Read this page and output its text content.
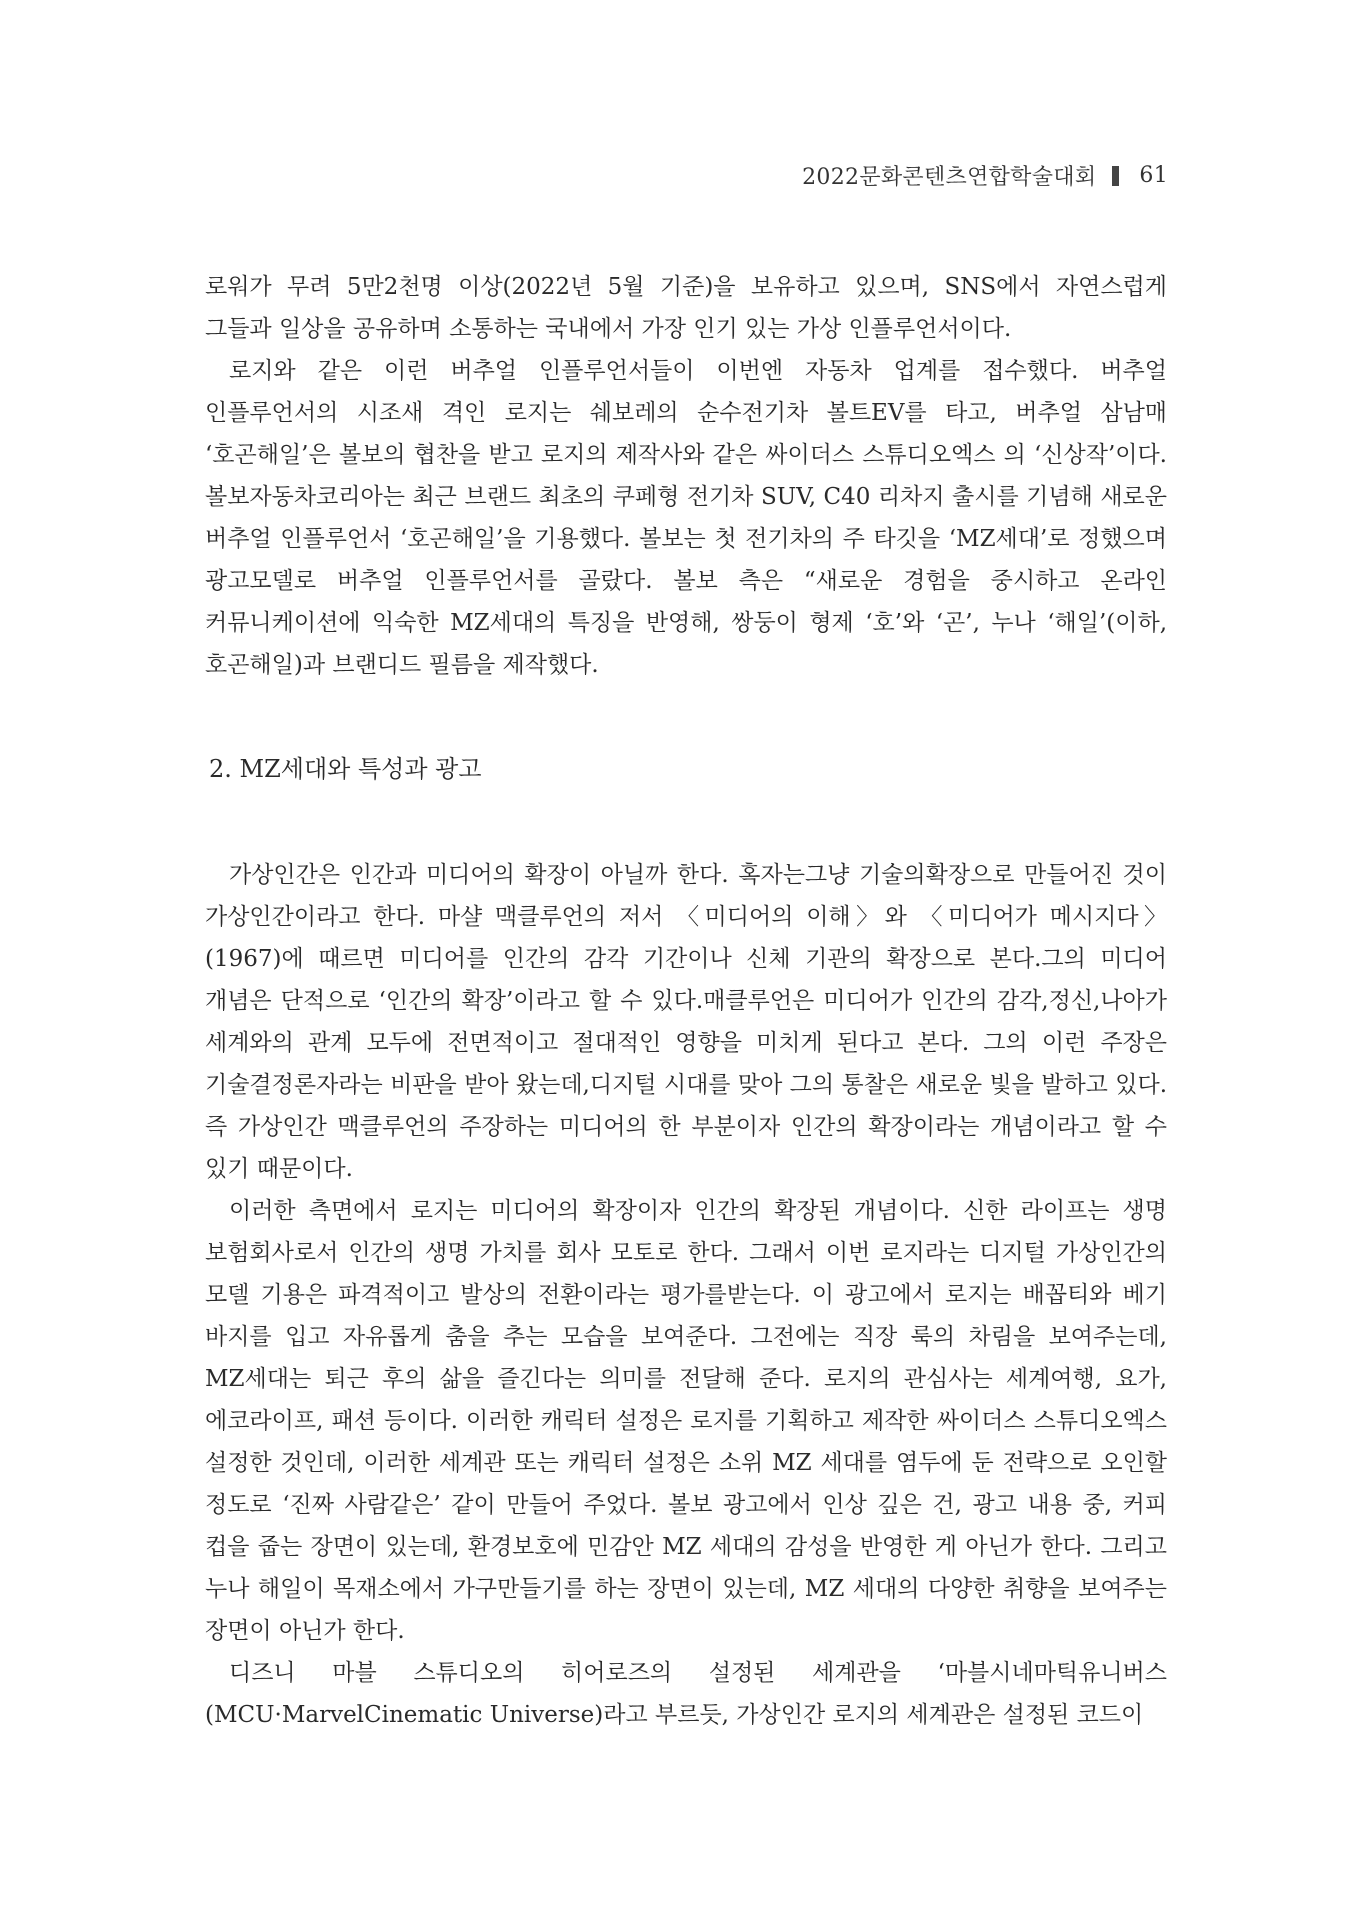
2022문화콘텐츠연합학술대회 61

로워가 무려 5만2천명 이상(2022년 5월 기준)을 보유하고 있으며, SNS에서 자연스럽게 그들과 일상을 공유하며 소통하는 국내에서 가장 인기 있는 가상 인플루언서이다.

로지와 같은 이런 버추얼 인플루언서들이 이번엔 자동차 업계를 접수했다. 버추얼 인플루언서의 시조새 격인 로지는 쉐보레의 순수전기차 볼트EV를 타고, 버추얼 삼남매 ‘호곤해일’은 볼보의 협찬을 받고 로지의 제작사와 같은 싸이더스 스튜디오엑스 의 ‘신상작’이다. 볼보자동차코리아는 최근 브랜드 최초의 쿠페형 전기차 SUV, C40 리차지 출시를 기념해 새로운 버추얼 인플루언서 ‘호곤해일’을 기용했다. 볼보는 첫 전기차의 주 타깃을 ‘MZ세대’로 정했으며 광고모델로 버추얼 인플루언서를 골랐다. 볼보 측은 “새로운 경험을 중시하고 온라인 커뮤니케이션에 익숙한 MZ세대의 특징을 반영해, 쌍둥이 형제 ‘호’와 ‘곤’, 누나 ‘해일’(이하, 호곤해일)과 브랜디드 필름을 제작했다.

2. MZ세대와 특성과 광고

가상인간은 인간과 미디어의 확장이 아닐까 한다. 혹자는그냥 기술의확장으로 만들어진 것이 가상인간이라고 한다. 마샬 맥클루언의 저서 〈미디어의 이해〉와 〈미디어가 메시지다〉(1967)에 때르면 미디어를 인간의 감각 기간이나 신체 기관의 확장으로 본다.그의 미디어 개념은 단적으로 ‘인간의 확장’이라고 할 수 있다.매클루언은 미디어가 인간의 감각,정신,나아가 세계와의 관계 모두에 전면적이고 절대적인 영향을 미치게 된다고 본다. 그의 이런 주장은 기술결정론자라는 비판을 받아 왔는데,디지털 시대를 맞아 그의 통찰은 새로운 빛을 발하고 있다.즉 가상인간 맥클루언의 주장하는 미디어의 한 부분이자 인간의 확장이라는 개념이라고 할 수 있기 때문이다.

이러한 측면에서 로지는 미디어의 확장이자 인간의 확장된 개념이다. 신한 라이프는 생명 보험회사로서 인간의 생명 가치를 회사 모토로 한다. 그래서 이번 로지라는 디지털 가상인간의 모델 기용은 파격적이고 발상의 전환이라는 평가를받는다. 이 광고에서 로지는 배꼽티와 베기 바지를 입고 자유롭게 춤을 추는 모습을 보여준다. 그전에는 직장 룩의 차림을 보여주는데, MZ세대는 퇴근 후의 삶을 즐긴다는 의미를 전달해 준다. 로지의 관심사는 세계여행, 요가, 에코라이프, 패션 등이다. 이러한 캐릭터 설정은 로지를 기획하고 제작한 싸이더스 스튜디오엑스 설정한 것인데, 이러한 세계관 또는 캐릭터 설정은 소위 MZ 세대를 염두에 둔 전략으로 오인할 정도로 ‘진짜 사람같은’ 같이 만들어 주었다. 볼보 광고에서 인상 깊은 건, 광고 내용 중, 커피 컵을 줍는 장면이 있는데, 환경보호에 민감안 MZ 세대의 감성을 반영한 게 아닌가 한다. 그리고 누나 해일이 목재소에서 가구만들기를 하는 장면이 있는데, MZ 세대의 다양한 취향을 보여주는 장면이 아닌가 한다.

디즈니 마블 스튜디오의 히어로즈의 설정된 세계관을 ‘마블시네마틱유니버스(MCU·MarvelCinematic Universe)라고 부르듯, 가상인간 로지의 세계관은 설정된 코드이
